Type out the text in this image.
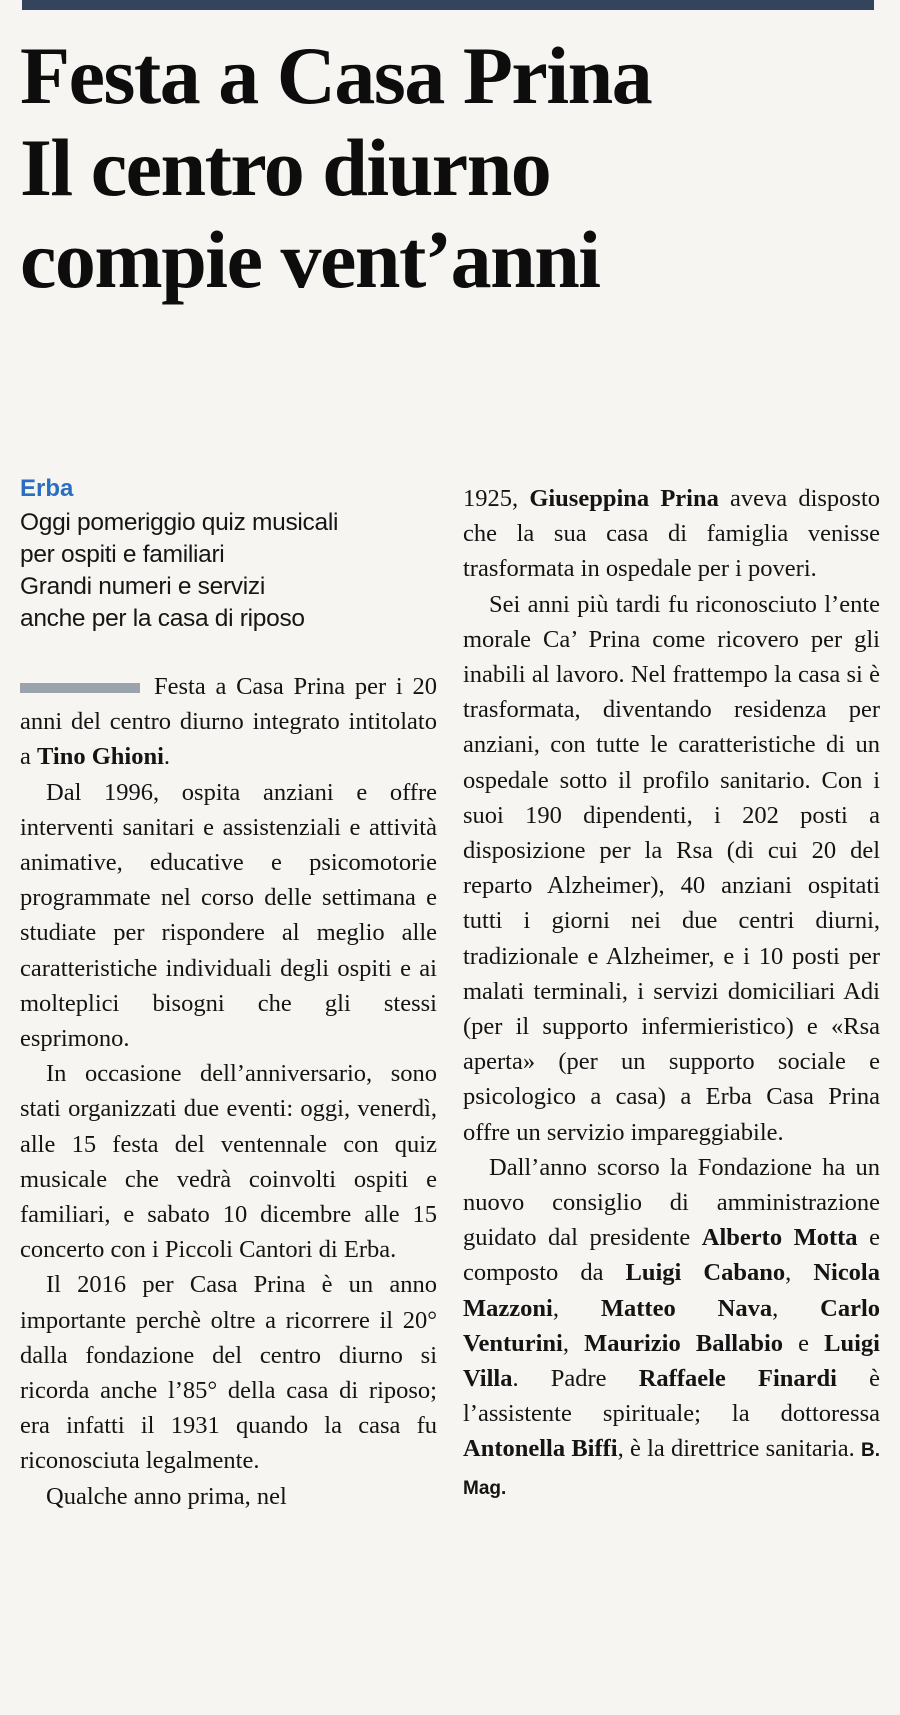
Festa a Casa Prina
Il centro diurno
compie vent’anni
Erba
Oggi pomeriggio quiz musicali
per ospiti e familiari
Grandi numeri e servizi
anche per la casa di riposo

Festa a Casa Prina per i 20 anni del centro diurno integrato intitolato a Tino Ghioni.

Dal 1996, ospita anziani e offre interventi sanitari e assistenziali e attività animative, educative e psicomotorie programmate nel corso delle settimana e studiate per rispondere al meglio alle caratteristiche individuali degli ospiti e ai molteplici bisogni che gli stessi esprimono.

In occasione dell’anniversario, sono stati organizzati due eventi: oggi, venerdì, alle 15 festa del ventennale con quiz musicale che vedrà coinvolti ospiti e familiari, e sabato 10 dicembre alle 15 concerto con i Piccoli Cantori di Erba.

Il 2016 per Casa Prina è un anno importante perchè oltre a ricorrere il 20° dalla fondazione del centro diurno si ricorda anche l’85° della casa di riposo; era infatti il 1931 quando la casa fu riconosciuta legalmente.

Qualche anno prima, nel

1925, Giuseppina Prina aveva disposto che la sua casa di famiglia venisse trasformata in ospedale per i poveri.

Sei anni più tardi fu riconosciuto l’ente morale Ca’ Prina come ricovero per gli inabili al lavoro. Nel frattempo la casa si è trasformata, diventando residenza per anziani, con tutte le caratteristiche di un ospedale sotto il profilo sanitario. Con i suoi 190 dipendenti, i 202 posti a disposizione per la Rsa (di cui 20 del reparto Alzheimer), 40 anziani ospitati tutti i giorni nei due centri diurni, tradizionale e Alzheimer, e i 10 posti per malati terminali, i servizi domiciliari Adi (per il supporto infermieristico) e «Rsa aperta» (per un supporto sociale e psicologico a casa) a Erba Casa Prina offre un servizio impareggiabile.

Dall’anno scorso la Fondazione ha un nuovo consiglio di amministrazione guidato dal presidente Alberto Motta e composto da Luigi Cabano, Nicola Mazzoni, Matteo Nava, Carlo Venturini, Maurizio Ballabio e Luigi Villa. Padre Raffaele Finardi è l’assistente spirituale; la dottoressa Antonella Biffi, è la direttrice sanitaria. B. Mag.
